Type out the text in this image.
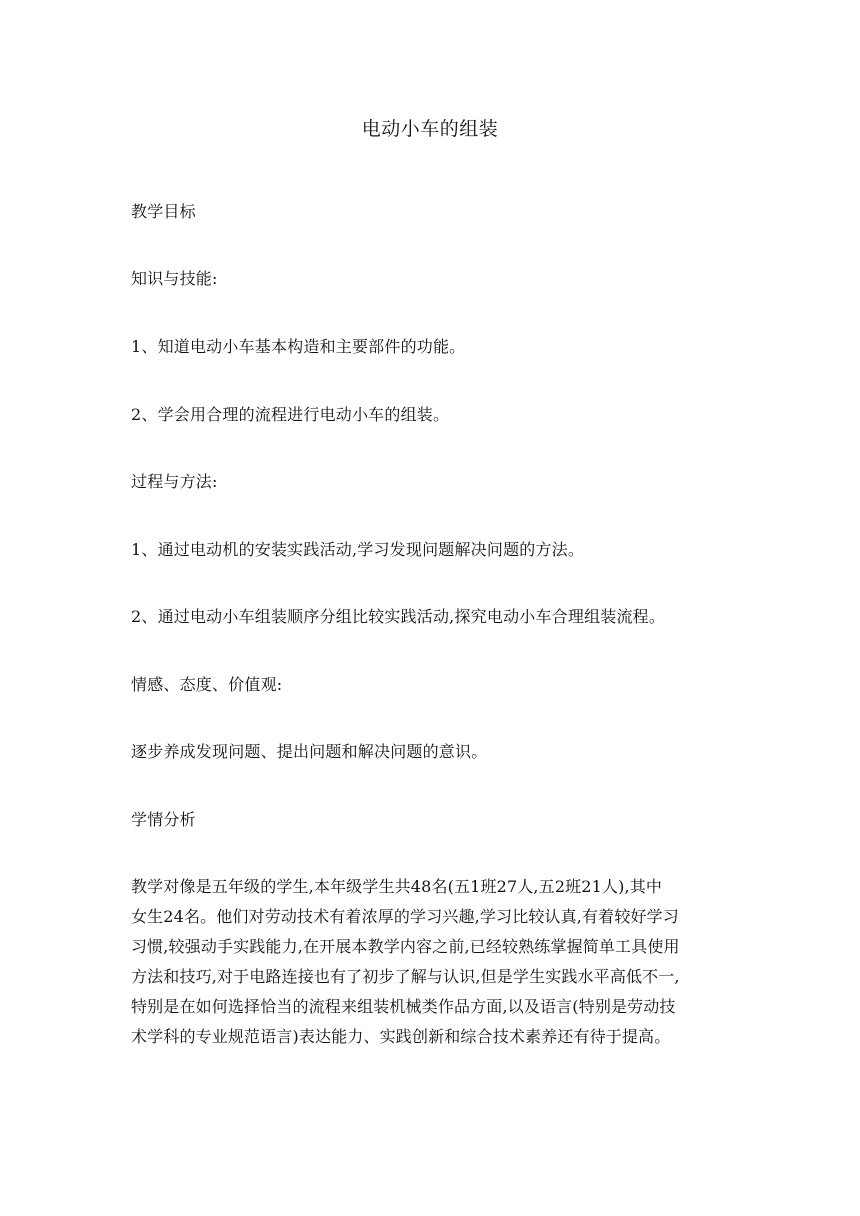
电动小车的组装

教学目标

知识与技能:

1、知道电动小车基本构造和主要部件的功能。

2、学会用合理的流程进行电动小车的组装。

过程与方法:

1、通过电动机的安装实践活动,学习发现问题解决问题的方法。

2、通过电动小车组装顺序分组比较实践活动,探究电动小车合理组装流程。

情感、态度、价值观:

逐步养成发现问题、提出问题和解决问题的意识。

学情分析

教学对像是五年级的学生,本年级学生共48名(五1班27人,五2班21人),其中
女生24名。他们对劳动技术有着浓厚的学习兴趣,学习比较认真,有着较好学习
习惯,较强动手实践能力,在开展本教学内容之前,已经较熟练掌握简单工具使用
方法和技巧,对于电路连接也有了初步了解与认识,但是学生实践水平高低不一,
特别是在如何选择恰当的流程来组装机械类作品方面,以及语言(特别是劳动技
术学科的专业规范语言)表达能力、实践创新和综合技术素养还有待于提高。
